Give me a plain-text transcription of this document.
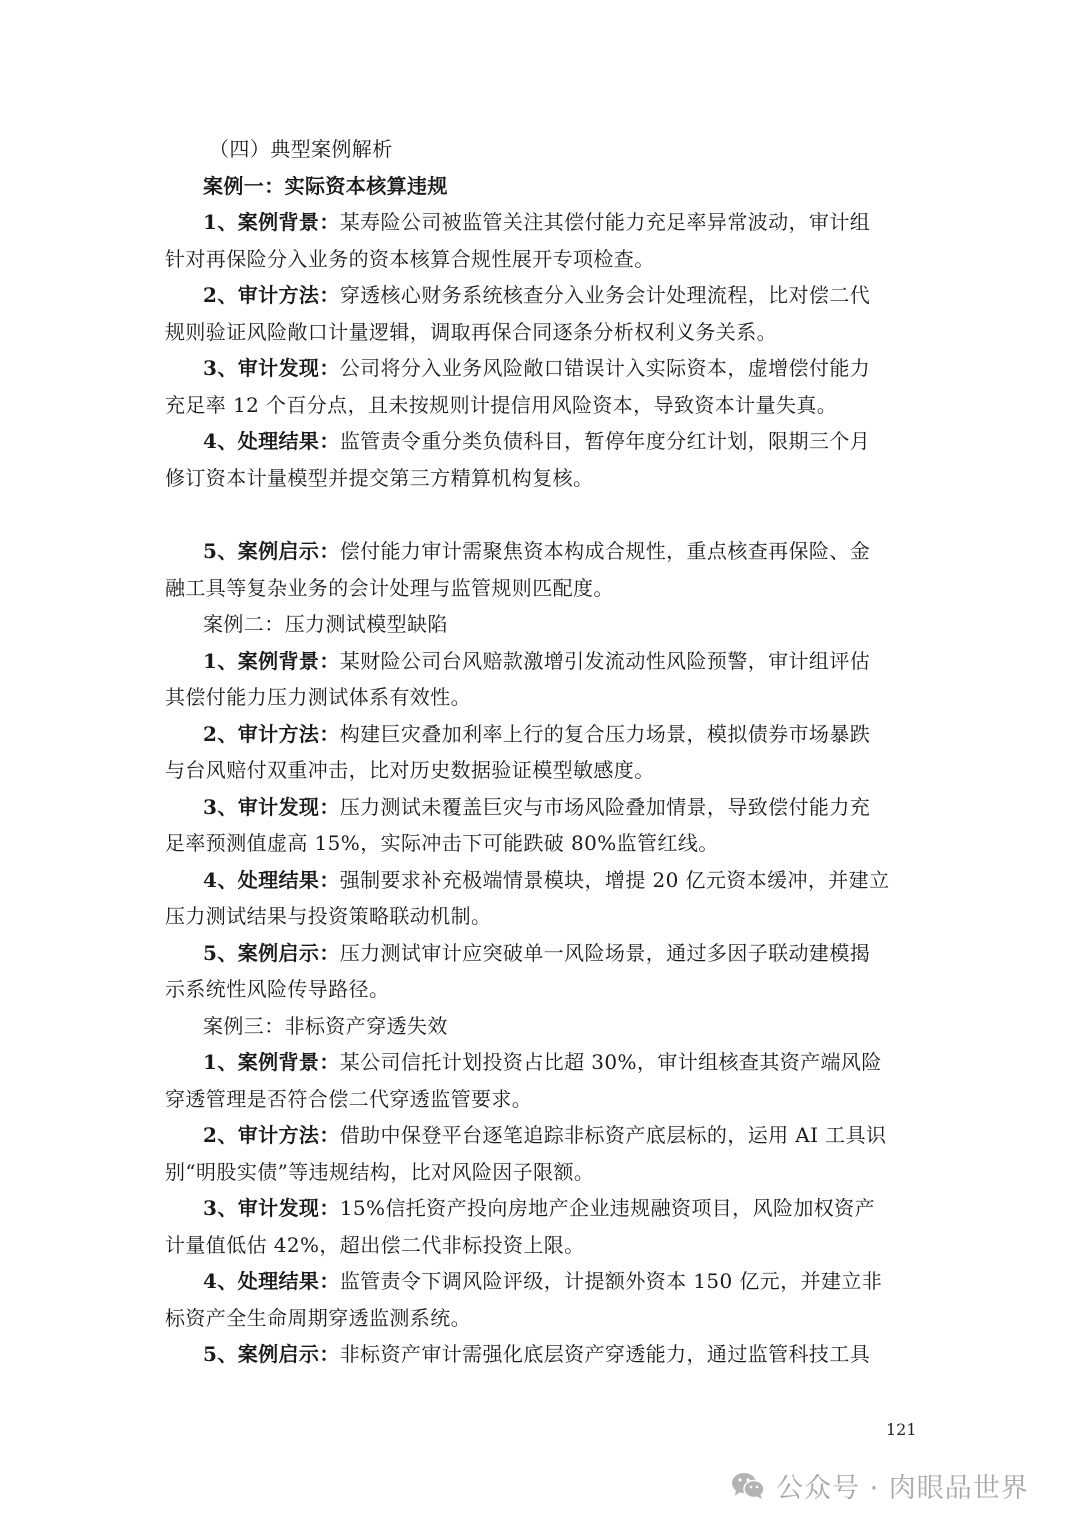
（四）典型案例解析
案例一：实际资本核算违规
1、案例背景：某寿险公司被监管关注其偿付能力充足率异常波动，审计组
针对再保险分入业务的资本核算合规性展开专项检查。
2、审计方法：穿透核心财务系统核查分入业务会计处理流程，比对偿二代
规则验证风险敞口计量逻辑，调取再保合同逐条分析权利义务关系。
3、审计发现：公司将分入业务风险敞口错误计入实际资本，虚增偿付能力
充足率 12 个百分点，且未按规则计提信用风险资本，导致资本计量失真。
4、处理结果：监管责令重分类负债科目，暂停年度分红计划，限期三个月
修订资本计量模型并提交第三方精算机构复核。
5、案例启示：偿付能力审计需聚焦资本构成合规性，重点核查再保险、金
融工具等复杂业务的会计处理与监管规则匹配度。
案例二：压力测试模型缺陷
1、案例背景：某财险公司台风赔款激增引发流动性风险预警，审计组评估
其偿付能力压力测试体系有效性。
2、审计方法：构建巨灾叠加利率上行的复合压力场景，模拟债券市场暴跌
与台风赔付双重冲击，比对历史数据验证模型敏感度。
3、审计发现：压力测试未覆盖巨灾与市场风险叠加情景，导致偿付能力充
足率预测值虚高 15%，实际冲击下可能跌破 80%监管红线。
4、处理结果：强制要求补充极端情景模块，增提 20 亿元资本缓冲，并建立
压力测试结果与投资策略联动机制。
5、案例启示：压力测试审计应突破单一风险场景，通过多因子联动建模揭
示系统性风险传导路径。
案例三：非标资产穿透失效
1、案例背景：某公司信托计划投资占比超 30%，审计组核查其资产端风险
穿透管理是否符合偿二代穿透监管要求。
2、审计方法：借助中保登平台逐笔追踪非标资产底层标的，运用 AI 工具识
别“明股实债”等违规结构，比对风险因子限额。
3、审计发现：15%信托资产投向房地产企业违规融资项目，风险加权资产
计量值低估 42%，超出偿二代非标投资上限。
4、处理结果：监管责令下调风险评级，计提额外资本 150 亿元，并建立非
标资产全生命周期穿透监测系统。
5、案例启示：非标资产审计需强化底层资产穿透能力，通过监管科技工具
121
公众号 · 肉眼品世界
